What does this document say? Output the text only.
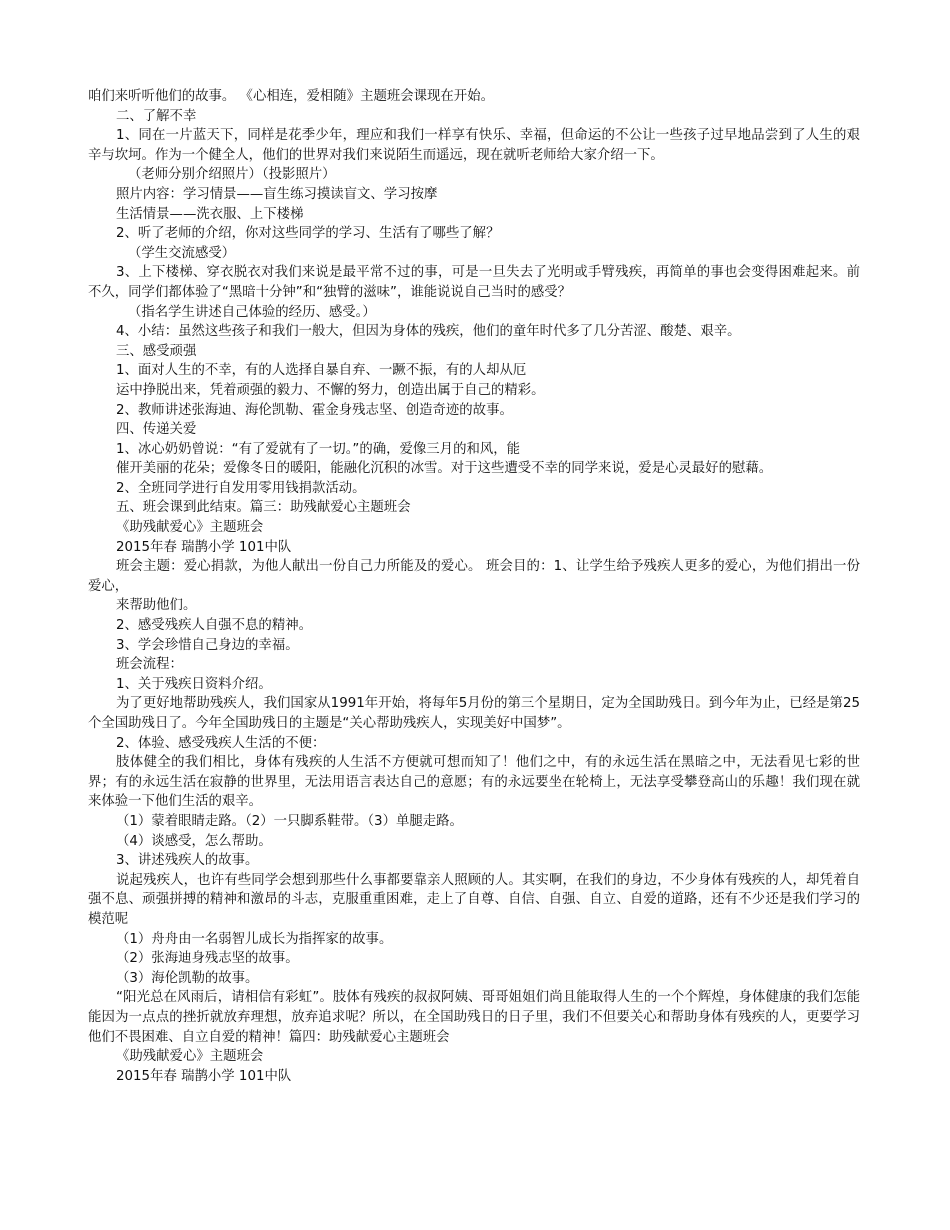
咱们来听听他们的故事。 《心相连，爱相随》主题班会课现在开始。

二、了解不幸

1、同在一片蓝天下，同样是花季少年，理应和我们一样享有快乐、幸福，但命运的不公让一些孩子过早地品尝到了人生的艰辛与坎坷。作为一个健全人，他们的世界对我们来说陌生而遥远，现在就听老师给大家介绍一下。

（老师分别介绍照片）（投影照片）

照片内容：学习情景——盲生练习摸读盲文、学习按摩

生活情景——洗衣服、上下楼梯

2、听了老师的介绍，你对这些同学的学习、生活有了哪些了解？

（学生交流感受）

3、上下楼梯、穿衣脱衣对我们来说是最平常不过的事，可是一旦失去了光明或手臂残疾，再简单的事也会变得困难起来。前不久，同学们都体验了“黑暗十分钟”和“独臂的滋味”，谁能说说自己当时的感受？

（指名学生讲述自己体验的经历、感受。）

4、小结：虽然这些孩子和我们一般大，但因为身体的残疾，他们的童年时代多了几分苦涩、酸楚、艰辛。

三、感受顽强

1、面对人生的不幸，有的人选择自暴自弃、一蹶不振，有的人却从厄

运中挣脱出来，凭着顽强的毅力、不懈的努力，创造出属于自己的精彩。

2、教师讲述张海迪、海伦凯勒、霍金身残志坚、创造奇迹的故事。

四、传递关爱

1、冰心奶奶曾说：“有了爱就有了一切。”的确，爱像三月的和风，能

催开美丽的花朵；爱像冬日的暖阳，能融化沉积的冰雪。对于这些遭受不幸的同学来说，爱是心灵最好的慰藉。

2、全班同学进行自发用零用钱捐款活动。

五、班会课到此结束。篇三：助残献爱心主题班会

《助残献爱心》主题班会

2015年春 瑞鹊小学 101中队

班会主题：爱心捐款，为他人献出一份自己力所能及的爱心。 班会目的：1、让学生给予残疾人更多的爱心，为他们捐出一份爱心，

来帮助他们。

2、感受残疾人自强不息的精神。

3、学会珍惜自己身边的幸福。

班会流程：

1、关于残疾日资料介绍。

为了更好地帮助残疾人，我们国家从1991年开始，将每年5月份的第三个星期日，定为全国助残日。到今年为止，已经是第25个全国助残日了。今年全国助残日的主题是“关心帮助残疾人，实现美好中国梦”。

2、体验、感受残疾人生活的不便：

肢体健全的我们相比，身体有残疾的人生活不方便就可想而知了！他们之中，有的永远生活在黑暗之中，无法看见七彩的世界；有的永远生活在寂静的世界里，无法用语言表达自己的意愿；有的永远要坐在轮椅上，无法享受攀登高山的乐趣！我们现在就来体验一下他们生活的艰辛。

（1）蒙着眼睛走路。（2）一只脚系鞋带。（3）单腿走路。

（4）谈感受，怎么帮助。

3、讲述残疾人的故事。

说起残疾人，也许有些同学会想到那些什么事都要靠亲人照顾的人。其实啊，在我们的身边，不少身体有残疾的人，却凭着自强不息、顽强拼搏的精神和激昂的斗志，克服重重困难，走上了自尊、自信、自强、自立、自爱的道路，还有不少还是我们学习的模范呢

（1）舟舟由一名弱智儿成长为指挥家的故事。

（2）张海迪身残志坚的故事。

（3）海伦凯勒的故事。

“阳光总在风雨后，请相信有彩虹”。肢体有残疾的叔叔阿姨、哥哥姐姐们尚且能取得人生的一个个辉煌，身体健康的我们怎能能因为一点点的挫折就放弃理想，放弃追求呢？所以，在全国助残日的日子里，我们不但要关心和帮助身体有残疾的人，更要学习他们不畏困难、自立自爱的精神！篇四：助残献爱心主题班会

《助残献爱心》主题班会

2015年春 瑞鹊小学 101中队
